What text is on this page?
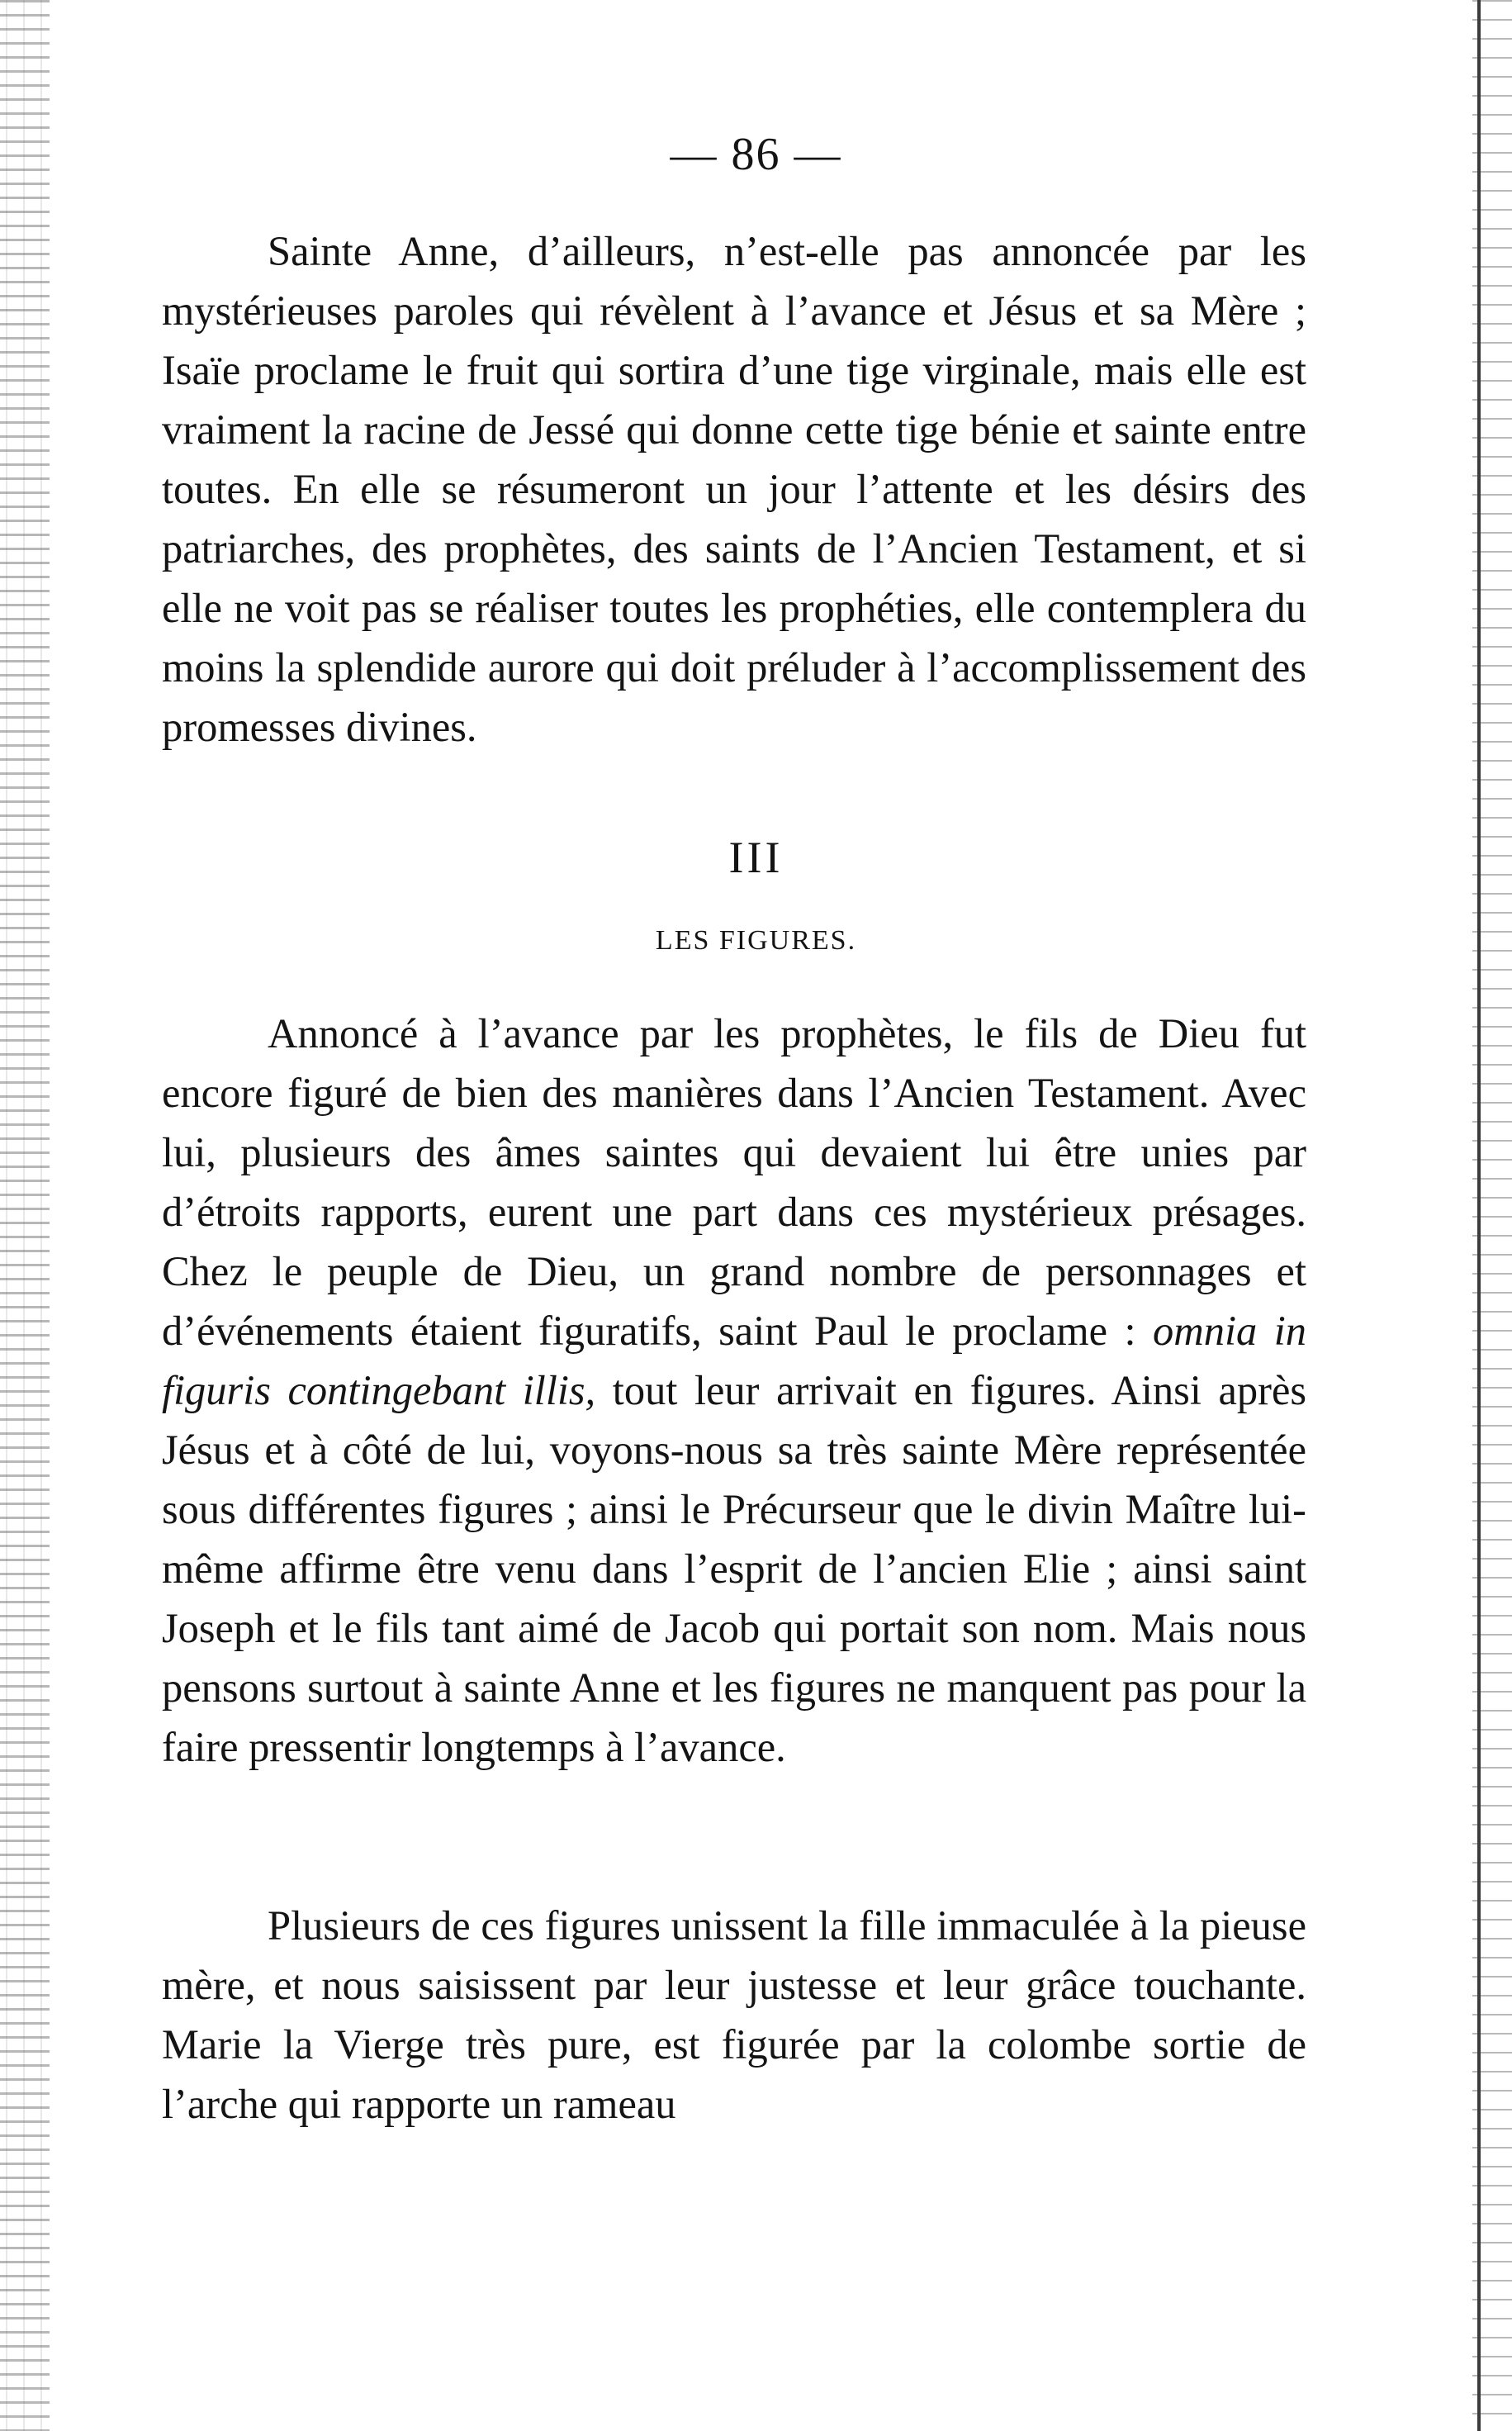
— 86 —

Sainte Anne, d’ailleurs, n’est-elle pas annoncée par les mystérieuses paroles qui révèlent à l’avance et Jésus et sa Mère ; Isaïe proclame le fruit qui sortira d’une tige virginale, mais elle est vraiment la racine de Jessé qui donne cette tige bénie et sainte entre toutes. En elle se résumeront un jour l’attente et les désirs des patriarches, des prophètes, des saints de l’Ancien Testament, et si elle ne voit pas se réaliser toutes les prophéties, elle contemplera du moins la splendide aurore qui doit préluder à l’accomplissement des promesses divines.

III
LES FIGURES.

Annoncé à l’avance par les prophètes, le fils de Dieu fut encore figuré de bien des manières dans l’Ancien Testament. Avec lui, plusieurs des âmes saintes qui devaient lui être unies par d’étroits rapports, eurent une part dans ces mystérieux présages. Chez le peuple de Dieu, un grand nombre de personnages et d’événements étaient figuratifs, saint Paul le proclame : omnia in figuris contingebant illis, tout leur arrivait en figures. Ainsi après Jésus et à côté de lui, voyons-nous sa très sainte Mère représentée sous différentes figures ; ainsi le Précurseur que le divin Maître lui-même affirme être venu dans l’esprit de l’ancien Elie ; ainsi saint Joseph et le fils tant aimé de Jacob qui portait son nom. Mais nous pensons surtout à sainte Anne et les figures ne manquent pas pour la faire pressentir longtemps à l’avance.

Plusieurs de ces figures unissent la fille immaculée à la pieuse mère, et nous saisissent par leur justesse et leur grâce touchante. Marie la Vierge très pure, est figurée par la colombe sortie de l’arche qui rapporte un rameau
